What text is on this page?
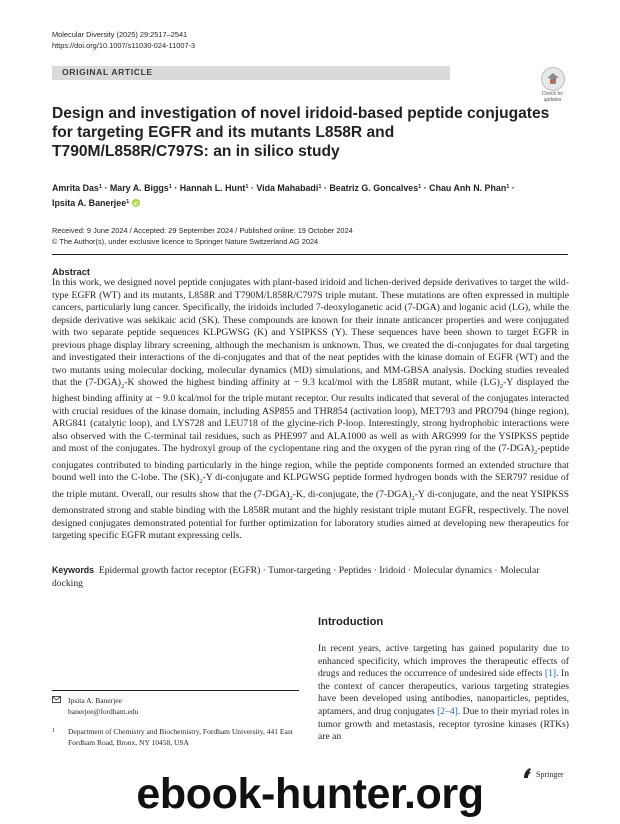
Molecular Diversity (2025) 29:2517–2541
https://doi.org/10.1007/s11030-024-11007-3
ORIGINAL ARTICLE
Check for updates
Design and investigation of novel iridoid-based peptide conjugates for targeting EGFR and its mutants L858R and T790M/L858R/C797S: an in silico study
Amrita Das$^1$ · Mary A. Biggs$^1$ · Hannah L. Hunt$^1$ · Vida Mahabadi$^1$ · Beatriz G. Goncalves$^1$ · Chau Anh N. Phan$^1$ ·
Ipsita A. Banerjee$^1$ iD
Received: 9 June 2024 / Accepted: 29 September 2024 / Published online: 19 October 2024
© The Author(s), under exclusive licence to Springer Nature Switzerland AG 2024
Abstract
In this work, we designed novel peptide conjugates with plant-based iridoid and lichen-derived depside derivatives to target the wild-type EGFR (WT) and its mutants, L858R and T790M/L858R/C797S triple mutant. These mutations are often expressed in multiple cancers, particularly lung cancer. Specifically, the iridoids included 7-deoxyloganetic acid (7-DGA) and loganic acid (LG), while the depside derivative was sekikaic acid (SK). These compounds are known for their innate anticancer properties and were conjugated with two separate peptide sequences KLPGWSG (K) and YSIPKSS (Y). These sequences have been shown to target EGFR in previous phage display library screening, although the mechanism is unknown. Thus, we created the di-conjugates for dual targeting and investigated their interactions of the di-conjugates and that of the neat peptides with the kinase domain of EGFR (WT) and the two mutants using molecular docking, molecular dynamics (MD) simulations, and MM-GBSA analysis. Docking studies revealed that the $(7-DGA)_2-K$ showed the highest binding affinity at − 9.3 kcal/mol with the L858R mutant, while $(LG)_2-Y$ displayed the highest binding affinity at − 9.0 kcal/mol for the triple mutant receptor. Our results indicated that several of the conjugates interacted with crucial residues of the kinase domain, including ASP855 and THR854 (activation loop), MET793 and PRO794 (hinge region), ARG841 (catalytic loop), and LYS728 and LEU718 of the glycine-rich P-loop. Interestingly, strong hydrophobic interactions were also observed with the C-terminal tail residues, such as PHE997 and ALA1000 as well as with ARG999 for the YSIPKSS peptide and most of the conjugates. The hydroxyl group of the cyclopentane ring and the oxygen of the pyran ring of the $(7-DGA)_2$-peptide conjugates contributed to binding particularly in the hinge region, while the peptide components formed an extended structure that bound well into the C-lobe. The $(SK)_2-Y$ di-conjugate and KLPGWSG peptide formed hydrogen bonds with the SER797 residue of the triple mutant. Overall, our results show that the $(7-DGA)_2-K$, di-conjugate, the $(7-DGA)_2-Y$ di-conjugate, and the neat YSIPKSS demonstrated strong and stable binding with the L858R mutant and the highly resistant triple mutant EGFR, respectively. The novel designed conjugates demonstrated potential for further optimization for laboratory studies aimed at developing new therapeutics for targeting specific EGFR mutant expressing cells.
Keywords Epidermal growth factor receptor (EGFR) · Tumor-targeting · Peptides · Iridoid · Molecular dynamics · Molecular docking
Introduction
In recent years, active targeting has gained popularity due to enhanced specificity, which improves the therapeutic effects of drugs and reduces the occurrence of undesired side effects [1]. In the context of cancer therapeutics, various targeting strategies have been developed using antibodies, nanoparticles, peptides, aptamers, and drug conjugates [2–4]. Due to their myriad roles in tumor growth and metastasis, receptor tyrosine kinases (RTKs) are an
Ipsita A. Banerjee
banerjee@fordham.edu
1	Department of Chemistry and Biochemistry, Fordham University, 441 East Fordham Road, Bronx, NY 10458, USA
Springer
ebook-hunter.org
